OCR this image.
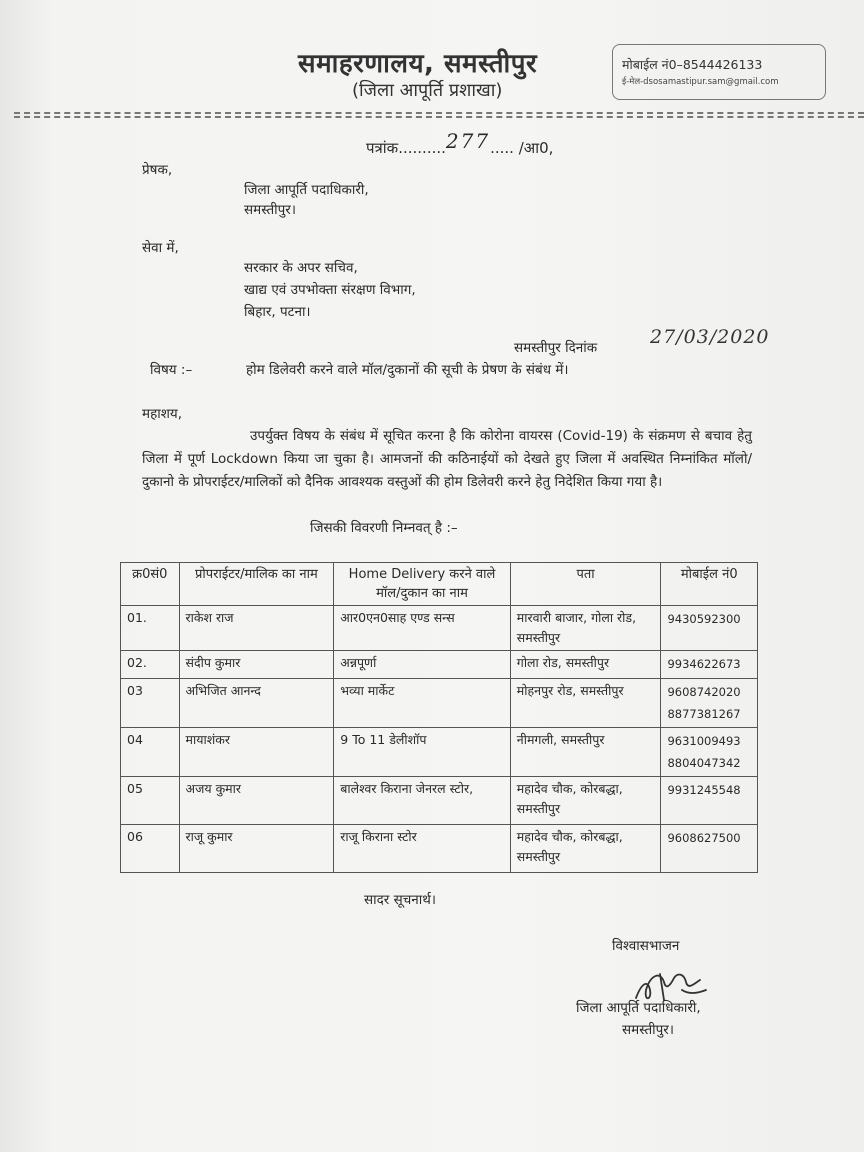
समाहरणालय, समस्तीपुर
(जिला आपूर्ति प्रशाखा)
मोबाईल नं0–8544426133
ई-मेल-dsosamastipur.sam@gmail.com
पत्रांक..........277..... /आ0,
प्रेषक,
जिला आपूर्ति पदाधिकारी,
समस्तीपुर।
सेवा में,
सरकार के अपर सचिव,
खाद्य एवं उपभोक्ता संरक्षण विभाग,
बिहार, पटना।
समस्तीपुर दिनांक	27/03/2020
विषय :–	होम डिलेवरी करने वाले मॉल/दुकानों की सूची के प्रेषण के संबंध में।
महाशय,
उपर्युक्त विषय के संबंध में सूचित करना है कि कोरोना वायरस (Covid-19) के संक्रमण से बचाव हेतु जिला में पूर्ण Lockdown किया जा चुका है। आमजनों की कठिनाईयों को देखते हुए जिला में अवस्थित निम्नांकित मॉलो/दुकानो के प्रोपराईटर/मालिकों को दैनिक आवश्यक वस्तुओं की होम डिलेवरी करने हेतु निदेशित किया गया है।
जिसकी विवरणी निम्नवत् है :–
क्र0सं0	प्रोपराईटर/मालिक का नाम	Home Delivery करने वाले मॉल/दुकान का नाम	पता	मोबाईल नं0
01.	राकेश राज	आर0एन0साह एण्ड सन्स	मारवारी बाजार, गोला रोड, समस्तीपुर	9430592300

02.	संदीप कुमार	अन्नपूर्णा	गोला रोड, समस्तीपुर	9934622673

03	अभिजित आनन्द	भव्या मार्केट	मोहनपुर रोड, समस्तीपुर	9608742020
8877381267

04	मायाशंकर	9 To 11 डेलीशॉप	नीमगली, समस्तीपुर	9631009493
8804047342

05	अजय कुमार	बालेश्वर किराना जेनरल स्टोर,	महादेव चौक, कोरबद्धा, समस्तीपुर	9931245548

06	राजू कुमार	राजू किराना स्टोर	महादेव चौक, कोरबद्धा, समस्तीपुर	9608627500
सादर सूचनार्थ।
विश्वासभाजन
जिला आपूर्ति पदाधिकारी,
समस्तीपुर।
